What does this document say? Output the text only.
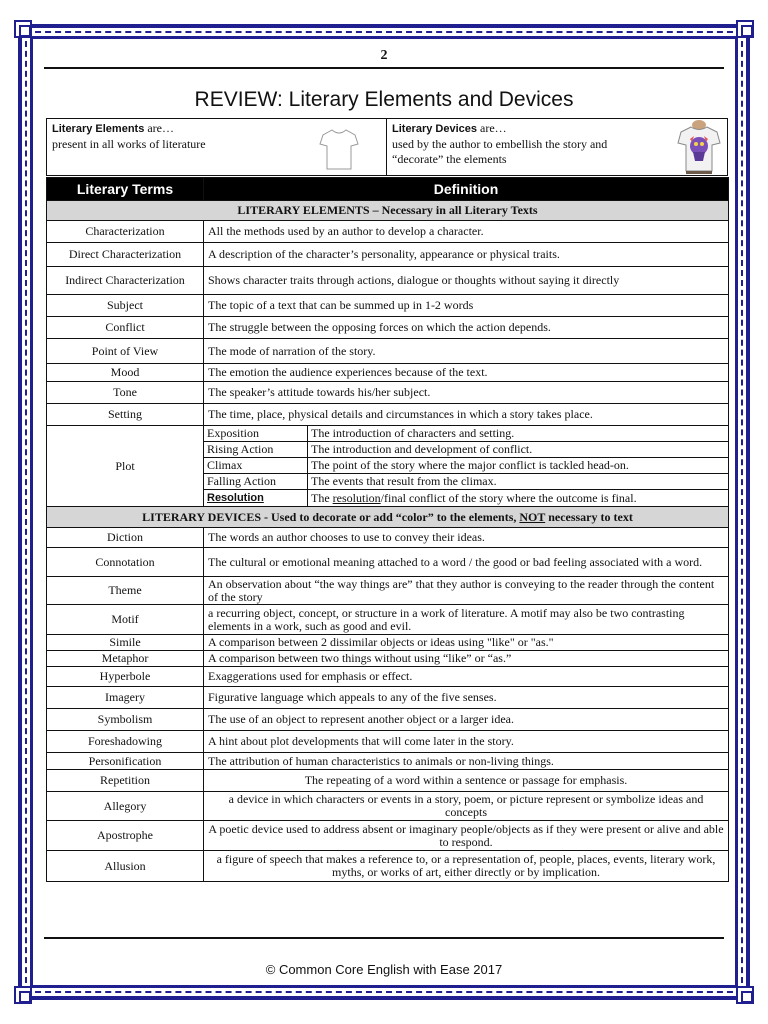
2
REVIEW: Literary Elements and Devices
Literary Elements are…
present in all works of literature
Literary Devices are…
used by the author to embellish the story and
“decorate” the elements
Literary Terms	Definition
LITERARY ELEMENTS – Necessary in all Literary Texts
Characterization	All the methods used by an author to develop a character.
Direct Characterization	A description of the character’s personality, appearance or physical traits.
Indirect Characterization	Shows character traits through actions, dialogue or thoughts without saying it directly
Subject	The topic of a text that can be summed up in 1-2 words
Conflict	The struggle between the opposing forces on which the action depends.
Point of View	The mode of narration of the story.
Mood	The emotion the audience experiences because of the text.
Tone	The speaker’s attitude towards his/her subject.
Setting	The time, place, physical details and circumstances in which a story takes place.
Plot	
Exposition	The introduction of characters and setting.
Rising Action	The introduction and development of conflict.
Climax	The point of the story where the major conflict is tackled head-on.
Falling Action	The events that result from the climax.
Resolution	The resolution/final conflict of the story where the outcome is final.

LITERARY DEVICES - Used to decorate or add “color” to the elements, NOT necessary to text
Diction	The words an author chooses to use to convey their ideas.
Connotation	The cultural or emotional meaning attached to a word / the good or bad feeling associated with a word.
Theme	An observation about “the way things are” that they author is conveying to the reader through the content of the story
Motif	a recurring object, concept, or structure in a work of literature. A motif may also be two contrasting elements in a work, such as good and evil.
Simile	A comparison between 2 dissimilar objects or ideas using "like" or "as."
Metaphor	A comparison between two things without using “like” or “as.”
Hyperbole	Exaggerations used for emphasis or effect.
Imagery	Figurative language which appeals to any of the five senses.
Symbolism	The use of an object to represent another object or a larger idea.
Foreshadowing	A hint about plot developments that will come later in the story.
Personification	The attribution of human characteristics to animals or non-living things.
Repetition	The repeating of a word within a sentence or passage for emphasis.
Allegory	a device in which characters or events in a story, poem, or picture represent or symbolize ideas and concepts
Apostrophe	A poetic device used to address absent or imaginary people/objects as if they were present or alive and able to respond.
Allusion	a figure of speech that makes a reference to, or a representation of, people, places, events, literary work, myths, or works of art, either directly or by implication.
© Common Core English with Ease 2017
